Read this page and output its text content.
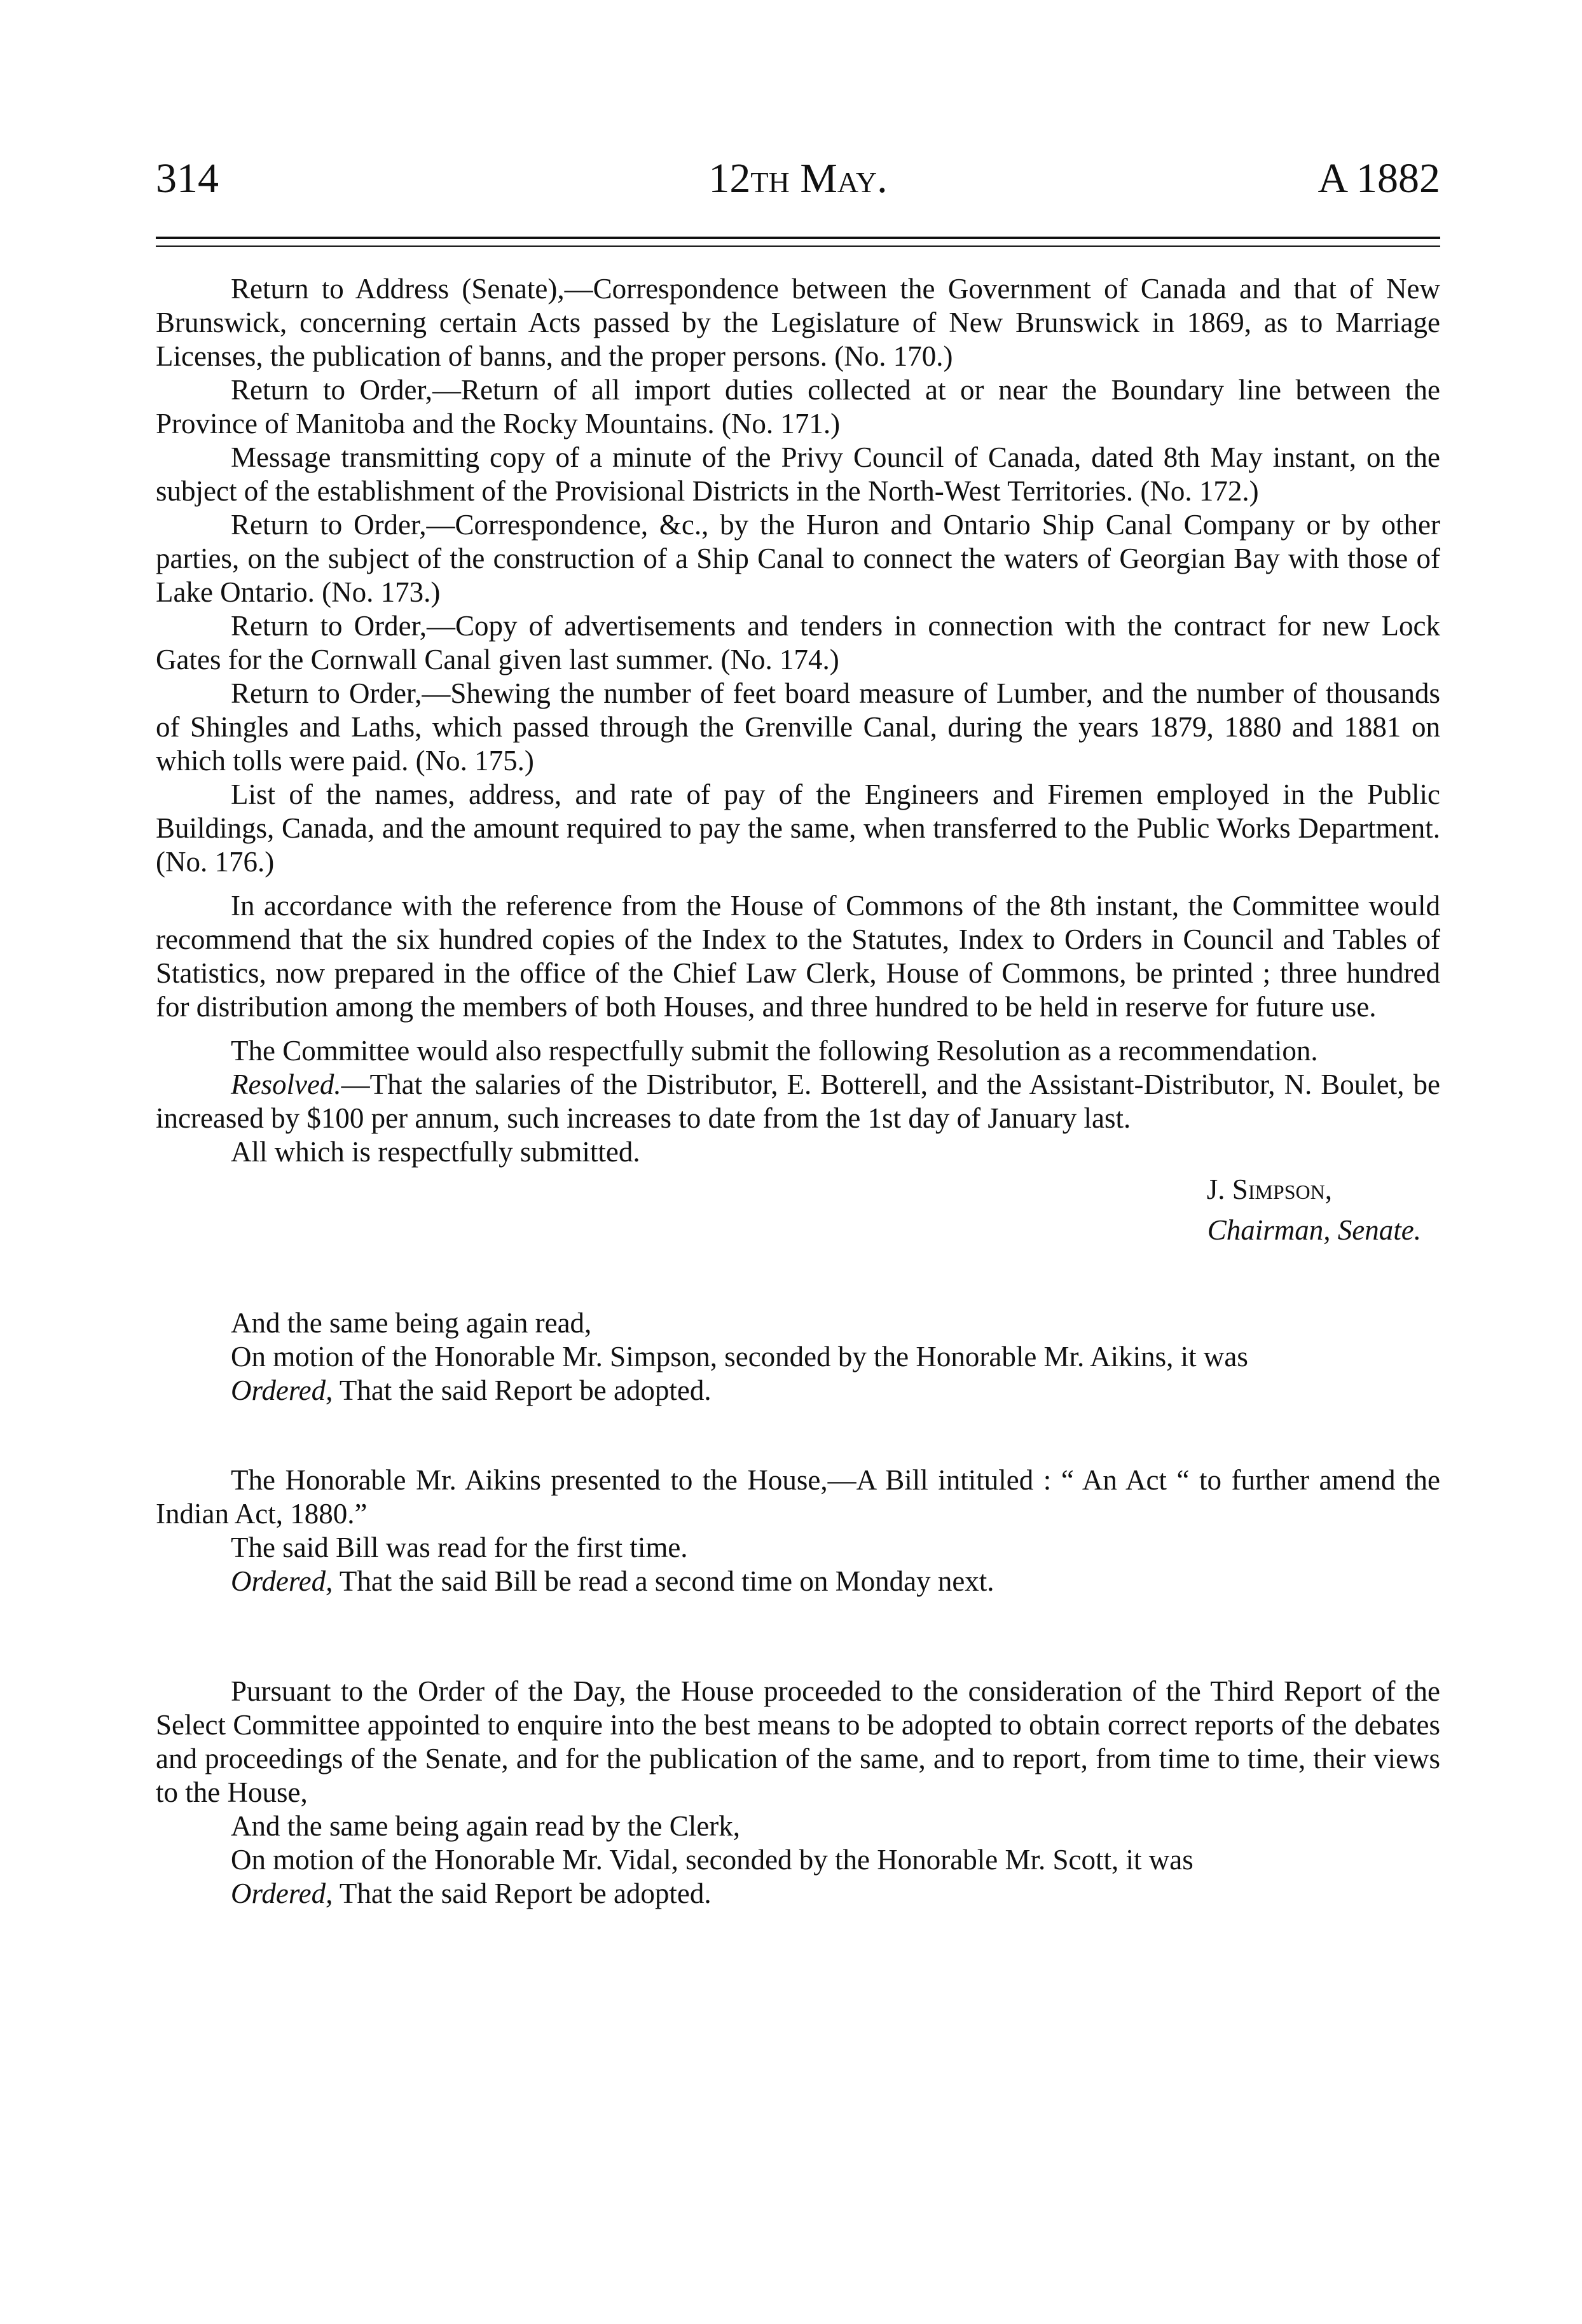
314	12th May.	A 1882

Return to Address (Senate),—Correspondence between the Government of Canada and that of New Brunswick, concerning certain Acts passed by the Legislature of New Brunswick in 1869, as to Marriage Licenses, the publication of banns, and the proper persons. (No. 170.)

Return to Order,—Return of all import duties collected at or near the Boundary line between the Province of Manitoba and the Rocky Mountains. (No. 171.)

Message transmitting copy of a minute of the Privy Council of Canada, dated 8th May instant, on the subject of the establishment of the Provisional Districts in the North-West Territories. (No. 172.)

Return to Order,—Correspondence, &c., by the Huron and Ontario Ship Canal Company or by other parties, on the subject of the construction of a Ship Canal to connect the waters of Georgian Bay with those of Lake Ontario. (No. 173.)

Return to Order,—Copy of advertisements and tenders in connection with the contract for new Lock Gates for the Cornwall Canal given last summer. (No. 174.)

Return to Order,—Shewing the number of feet board measure of Lumber, and the number of thousands of Shingles and Laths, which passed through the Grenville Canal, during the years 1879, 1880 and 1881 on which tolls were paid. (No. 175.)

List of the names, address, and rate of pay of the Engineers and Firemen employed in the Public Buildings, Canada, and the amount required to pay the same, when transferred to the Public Works Department. (No. 176.)

In accordance with the reference from the House of Commons of the 8th instant, the Committee would recommend that the six hundred copies of the Index to the Statutes, Index to Orders in Council and Tables of Statistics, now prepared in the office of the Chief Law Clerk, House of Commons, be printed ; three hundred for distribution among the members of both Houses, and three hundred to be held in reserve for future use.

The Committee would also respectfully submit the following Resolution as a recommendation.

Resolved.—That the salaries of the Distributor, E. Botterell, and the Assistant-Distributor, N. Boulet, be increased by $100 per annum, such increases to date from the 1st day of January last.

All which is respectfully submitted.

J. Simpson,

Chairman, Senate.

And the same being again read,

On motion of the Honorable Mr. Simpson, seconded by the Honorable Mr. Aikins, it was

Ordered, That the said Report be adopted.

The Honorable Mr. Aikins presented to the House,—A Bill intituled : “ An Act “ to further amend the Indian Act, 1880.”

The said Bill was read for the first time.

Ordered, That the said Bill be read a second time on Monday next.

Pursuant to the Order of the Day, the House proceeded to the consideration of the Third Report of the Select Committee appointed to enquire into the best means to be adopted to obtain correct reports of the debates and proceedings of the Senate, and for the publication of the same, and to report, from time to time, their views to the House,

And the same being again read by the Clerk,

On motion of the Honorable Mr. Vidal, seconded by the Honorable Mr. Scott, it was

Ordered, That the said Report be adopted.
